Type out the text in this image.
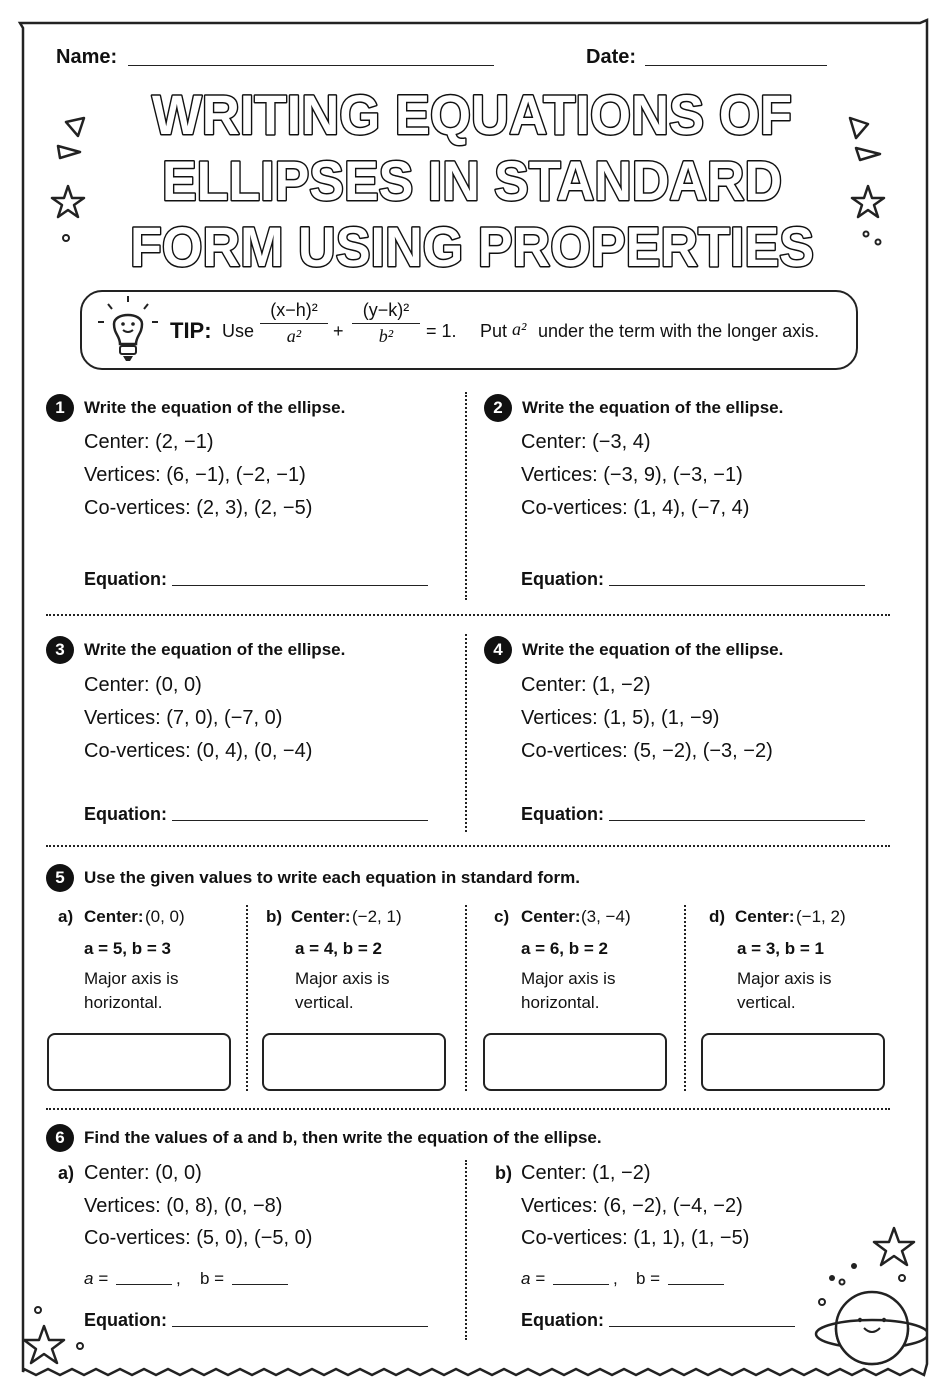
Name:	Date:
WRITING EQUATIONS OF
ELLIPSES IN STANDARD
FORM USING PROPERTIES
TIP: Use $\frac{\text{(x−h)²}}{\text{a²}} + \frac{\text{(y−k)²}}{\text{b²}} = 1$. Put a² under the term with the longer axis.
1	Write the equation of the ellipse.
Center: (2, −1)
Vertices: (6, −1), (−2, −1)
Co-vertices: (2, 3), (2, −5)
Equation:
2	Write the equation of the ellipse.
Center: (−3, 4)
Vertices: (−3, 9), (−3, −1)
Co-vertices: (1, 4), (−7, 4)
Equation:
3	Write the equation of the ellipse.
Center: (0, 0)
Vertices: (7, 0), (−7, 0)
Co-vertices: (0, 4), (0, −4)
Equation:
4	Write the equation of the ellipse.
Center: (1, −2)
Vertices: (1, 5), (1, −9)
Co-vertices: (5, −2), (−3, −2)
Equation:
5	Use the given values to write each equation in standard form.
a) Center: (0, 0)
a = 5, b = 3
Major axis is
horizontal.
b) Center: (−2, 1)
a = 4, b = 2
Major axis is
vertical.
c) Center: (3, −4)
a = 6, b = 2
Major axis is
horizontal.
d) Center: (−1, 2)
a = 3, b = 1
Major axis is
vertical.
6	Find the values of a and b, then write the equation of the ellipse.
a) Center: (0, 0)
Vertices: (0, 8), (0, −8)
Co-vertices: (5, 0), (−5, 0)
a =	, b =
Equation:
b) Center: (1, −2)
Vertices: (6, −2), (−4, −2)
Co-vertices: (1, 1), (1, −5)
a =	, b =
Equation:
